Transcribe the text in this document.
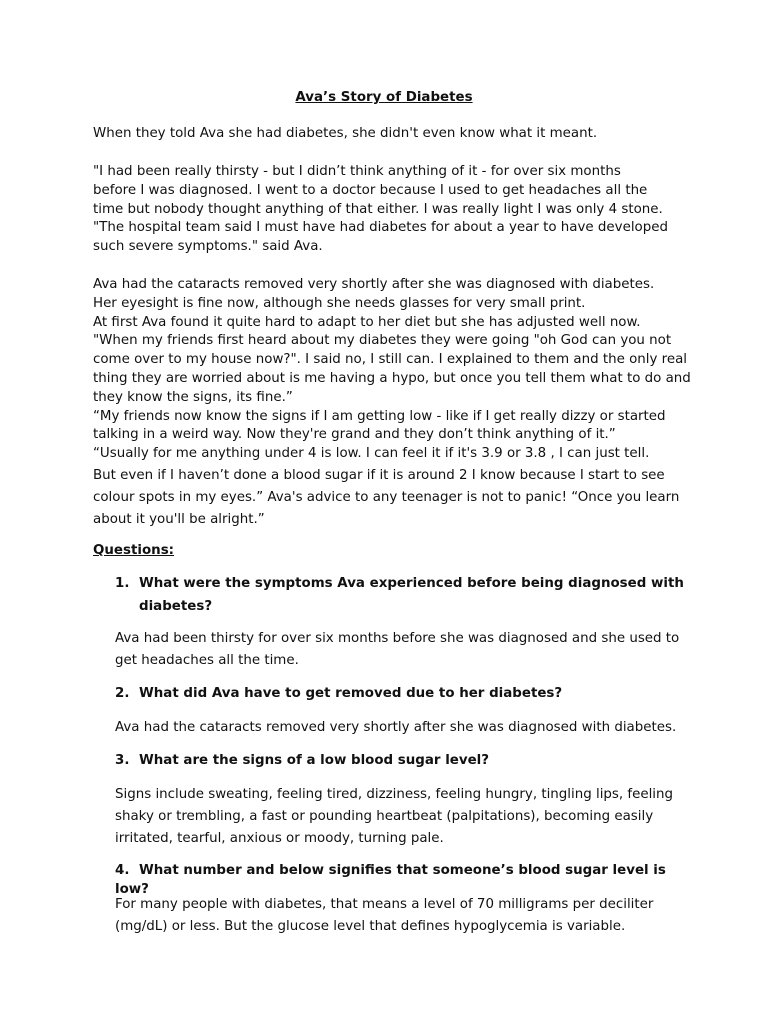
Ava’s Story of Diabetes

When they told Ava she had diabetes, she didn't even know what it meant.

"I had been really thirsty - but I didn’t think anything of it - for over six months
before I was diagnosed. I went to a doctor because I used to get headaches all the
time but nobody thought anything of that either. I was really light I was only 4 stone.
"The hospital team said I must have had diabetes for about a year to have developed
such severe symptoms." said Ava.
Ava had the cataracts removed very shortly after she was diagnosed with diabetes.
Her eyesight is fine now, although she needs glasses for very small print.
At first Ava found it quite hard to adapt to her diet but she has adjusted well now.
"When my friends first heard about my diabetes they were going "oh God can you not
come over to my house now?". I said no, I still can. I explained to them and the only real
thing they are worried about is me having a hypo, but once you tell them what to do and
they know the signs, its fine.”
“My friends now know the signs if I am getting low - like if I get really dizzy or started
talking in a weird way. Now they're grand and they don’t think anything of it.”
“Usually for me anything under 4 is low. I can feel it if it's 3.9 or 3.8 , I can just tell.
But even if I haven’t done a blood sugar if it is around 2 I know because I start to see
colour spots in my eyes.” Ava's advice to any teenager is not to panic! “Once you learn
about it you'll be alright.”
Questions:
1. What were the symptoms Ava experienced before being diagnosed with
diabetes?
Ava had been thirsty for over six months before she was diagnosed and she used to
get headaches all the time.
2. What did Ava have to get removed due to her diabetes?
Ava had the cataracts removed very shortly after she was diagnosed with diabetes.
3. What are the signs of a low blood sugar level?
Signs include sweating, feeling tired, dizziness, feeling hungry, tingling lips, feeling
shaky or trembling, a fast or pounding heartbeat (palpitations), becoming easily
irritated, tearful, anxious or moody, turning pale.
4. What number and below signifies that someone’s blood sugar level is low?
For many people with diabetes, that means a level of 70 milligrams per deciliter
(mg/dL) or less. But the glucose level that defines hypoglycemia is variable.
